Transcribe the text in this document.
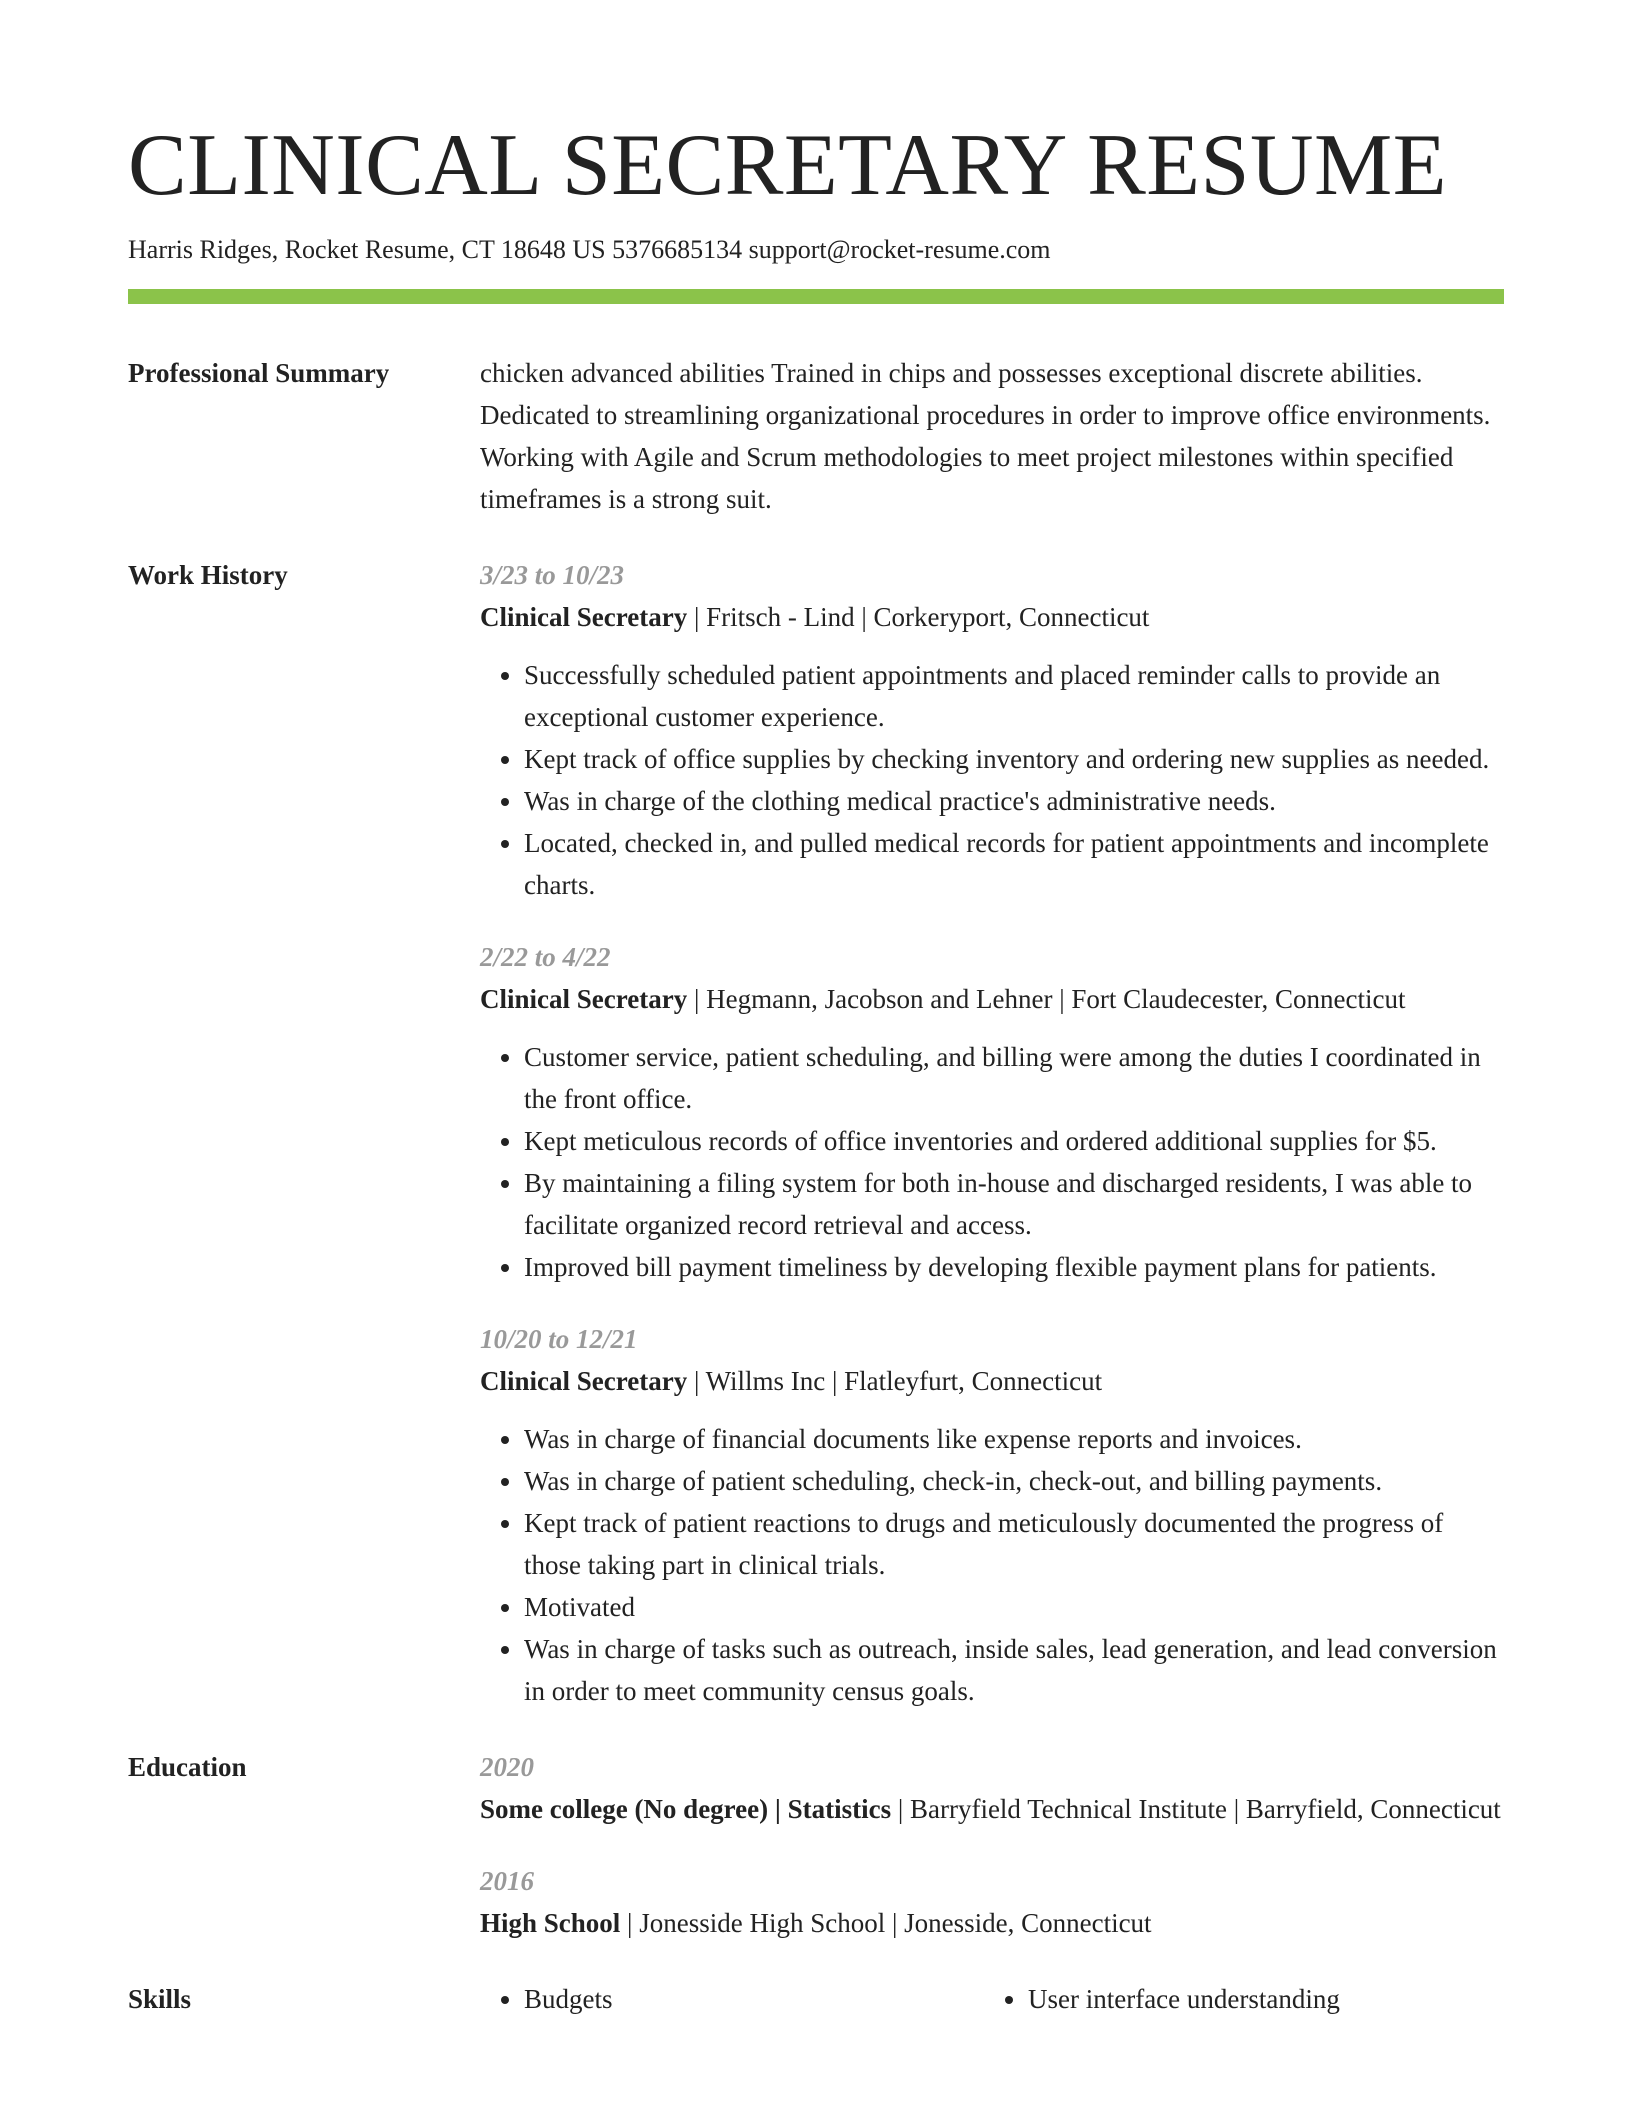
CLINICAL SECRETARY RESUME
Harris Ridges, Rocket Resume, CT 18648 US 5376685134 support@rocket-resume.com
Professional Summary	chicken advanced abilities Trained in chips and possesses exceptional discrete abilities. Dedicated to streamlining organizational procedures in order to improve office environments. Working with Agile and Scrum methodologies to meet project milestones within specified timeframes is a strong suit.

Work History	3/23 to 10/23
Clinical Secretary | Fritsch - Lind | Corkeryport, Connecticut
• Successfully scheduled patient appointments and placed reminder calls to provide an exceptional customer experience.
• Kept track of office supplies by checking inventory and ordering new supplies as needed.
• Was in charge of the clothing medical practice's administrative needs.
• Located, checked in, and pulled medical records for patient appointments and incomplete charts.
2/22 to 4/22
Clinical Secretary | Hegmann, Jacobson and Lehner | Fort Claudecester, Connecticut
• Customer service, patient scheduling, and billing were among the duties I coordinated in the front office.
• Kept meticulous records of office inventories and ordered additional supplies for $5.
• By maintaining a filing system for both in-house and discharged residents, I was able to facilitate organized record retrieval and access.
• Improved bill payment timeliness by developing flexible payment plans for patients.
10/20 to 12/21
Clinical Secretary | Willms Inc | Flatleyfurt, Connecticut
• Was in charge of financial documents like expense reports and invoices.
• Was in charge of patient scheduling, check-in, check-out, and billing payments.
• Kept track of patient reactions to drugs and meticulously documented the progress of those taking part in clinical trials.
• Motivated
• Was in charge of tasks such as outreach, inside sales, lead generation, and lead conversion in order to meet community census goals.
Education	2020
Some college (No degree) | Statistics | Barryfield Technical Institute | Barryfield, Connecticut
2016
High School | Jonesside High School | Jonesside, Connecticut
Skills	• Budgets	• User interface understanding
